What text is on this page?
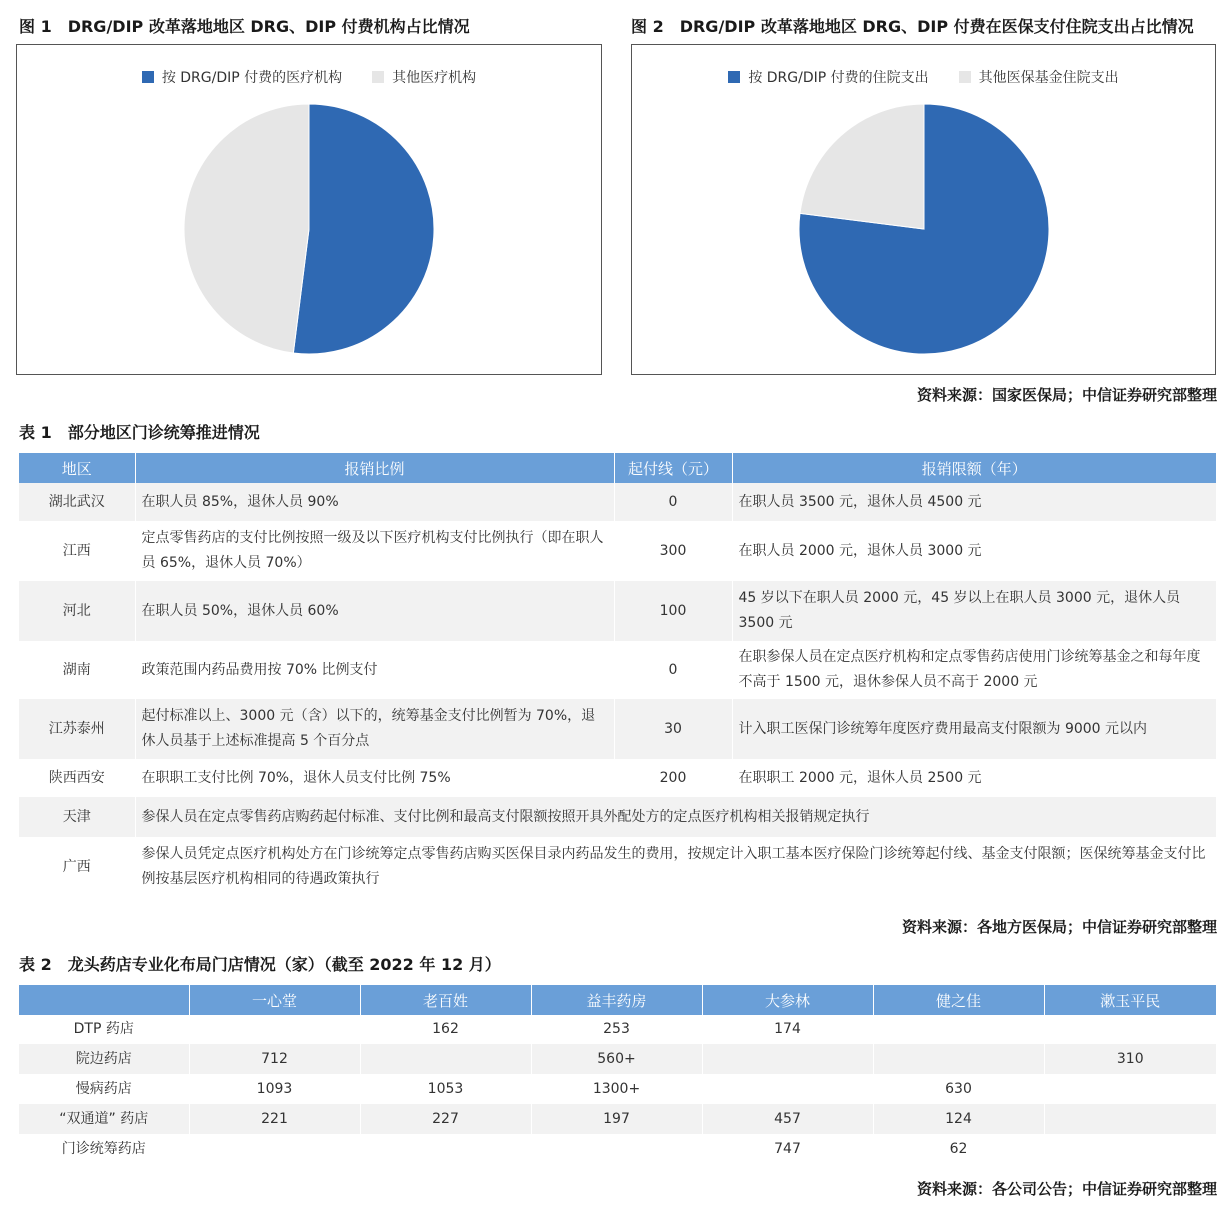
图 1　DRG/DIP 改革落地地区 DRG、DIP 付费机构占比情况
按 DRG/DIP 付费的医疗机构	其他医疗机构
图 2　DRG/DIP 改革落地地区 DRG、DIP 付费在医保支付住院支出占比情况
按 DRG/DIP 付费的住院支出	其他医保基金住院支出
资料来源：国家医保局；中信证券研究部整理
表 1　部分地区门诊统筹推进情况
地区	报销比例	起付线（元）	报销限额（年）
湖北武汉	在职人员 85%，退休人员 90%	0	在职人员 3500 元，退休人员 4500 元
江西	定点零售药店的支付比例按照一级及以下医疗机构支付比例执行（即在职人员 65%，退休人员 70%）	300	在职人员 2000 元，退休人员 3000 元
河北	在职人员 50%，退休人员 60%	100	45 岁以下在职人员 2000 元，45 岁以上在职人员 3000 元，退休人员 3500 元
湖南	政策范围内药品费用按 70% 比例支付	0	在职参保人员在定点医疗机构和定点零售药店使用门诊统筹基金之和每年度不高于 1500 元，退休参保人员不高于 2000 元
江苏泰州	起付标准以上、3000 元（含）以下的，统筹基金支付比例暂为 70%，退休人员基于上述标准提高 5 个百分点	30	计入职工医保门诊统筹年度医疗费用最高支付限额为 9000 元以内
陕西西安	在职职工支付比例 70%，退休人员支付比例 75%	200	在职职工 2000 元，退休人员 2500 元
天津	参保人员在定点零售药店购药起付标准、支付比例和最高支付限额按照开具外配处方的定点医疗机构相关报销规定执行		
广西	参保人员凭定点医疗机构处方在门诊统筹定点零售药店购买医保目录内药品发生的费用，按规定计入职工基本医疗保险门诊统筹起付线、基金支付限额；医保统筹基金支付比例按基层医疗机构相同的待遇政策执行		
资料来源：各地方医保局；中信证券研究部整理
表 2　龙头药店专业化布局门店情况（家）（截至 2022 年 12 月）
	一心堂	老百姓	益丰药房	大参林	健之佳	漱玉平民
DTP 药店		162	253	174		
院边药店	712		560+			310
慢病药店	1093	1053	1300+		630	
“双通道” 药店	221	227	197	457	124	
门诊统筹药店				747	62	
资料来源：各公司公告；中信证券研究部整理
